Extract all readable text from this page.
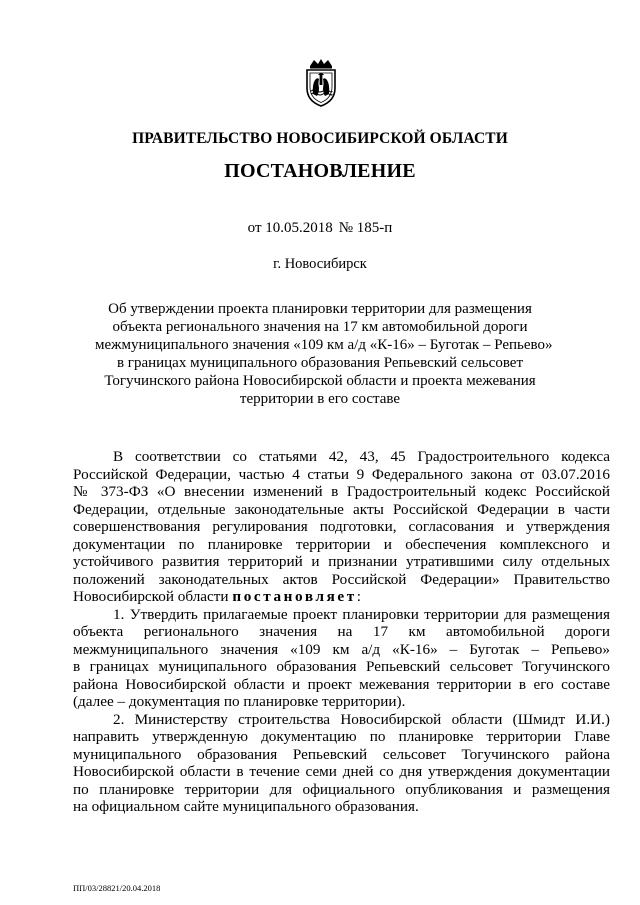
ПРАВИТЕЛЬСТВО НОВОСИБИРСКОЙ ОБЛАСТИ
ПОСТАНОВЛЕНИЕ
от 10.05.2018 № 185-п
г. Новосибирск
Об утверждении проекта планировки территории для размещения
объекта регионального значения на 17 км автомобильной дороги
межмуниципального значения «109 км а/д «К-16» – Буготак – Репьево»
в границах муниципального образования Репьевский сельсовет
Тогучинского района Новосибирской области и проекта межевания
территории в его составе

В соответствии со статьями 42, 43, 45 Градостроительного кодекса
Российской Федерации, частью 4 статьи 9 Федерального закона от 03.07.2016
№ 373-ФЗ «О внесении изменений в Градостроительный кодекс Российской
Федерации, отдельные законодательные акты Российской Федерации в части
совершенствования регулирования подготовки, согласования и утверждения
документации по планировке территории и обеспечения комплексного и
устойчивого развития территорий и признании утратившими силу отдельных
положений законодательных актов Российской Федерации» Правительство
Новосибирской области постановляет:

1. Утвердить прилагаемые проект планировки территории для размещения
объекта регионального значения на 17 км автомобильной дороги
межмуниципального значения «109 км а/д «К-16» – Буготак – Репьево»
в границах муниципального образования Репьевский сельсовет Тогучинского
района Новосибирской области и проект межевания территории в его составе
(далее – документация по планировке территории).

2. Министерству строительства Новосибирской области (Шмидт И.И.)
направить утвержденную документацию по планировке территории Главе
муниципального образования Репьевский сельсовет Тогучинского района
Новосибирской области в течение семи дней со дня утверждения документации
по планировке территории для официального опубликования и размещения
на официальном сайте муниципального образования.

ПП/03/28821/20.04.2018
